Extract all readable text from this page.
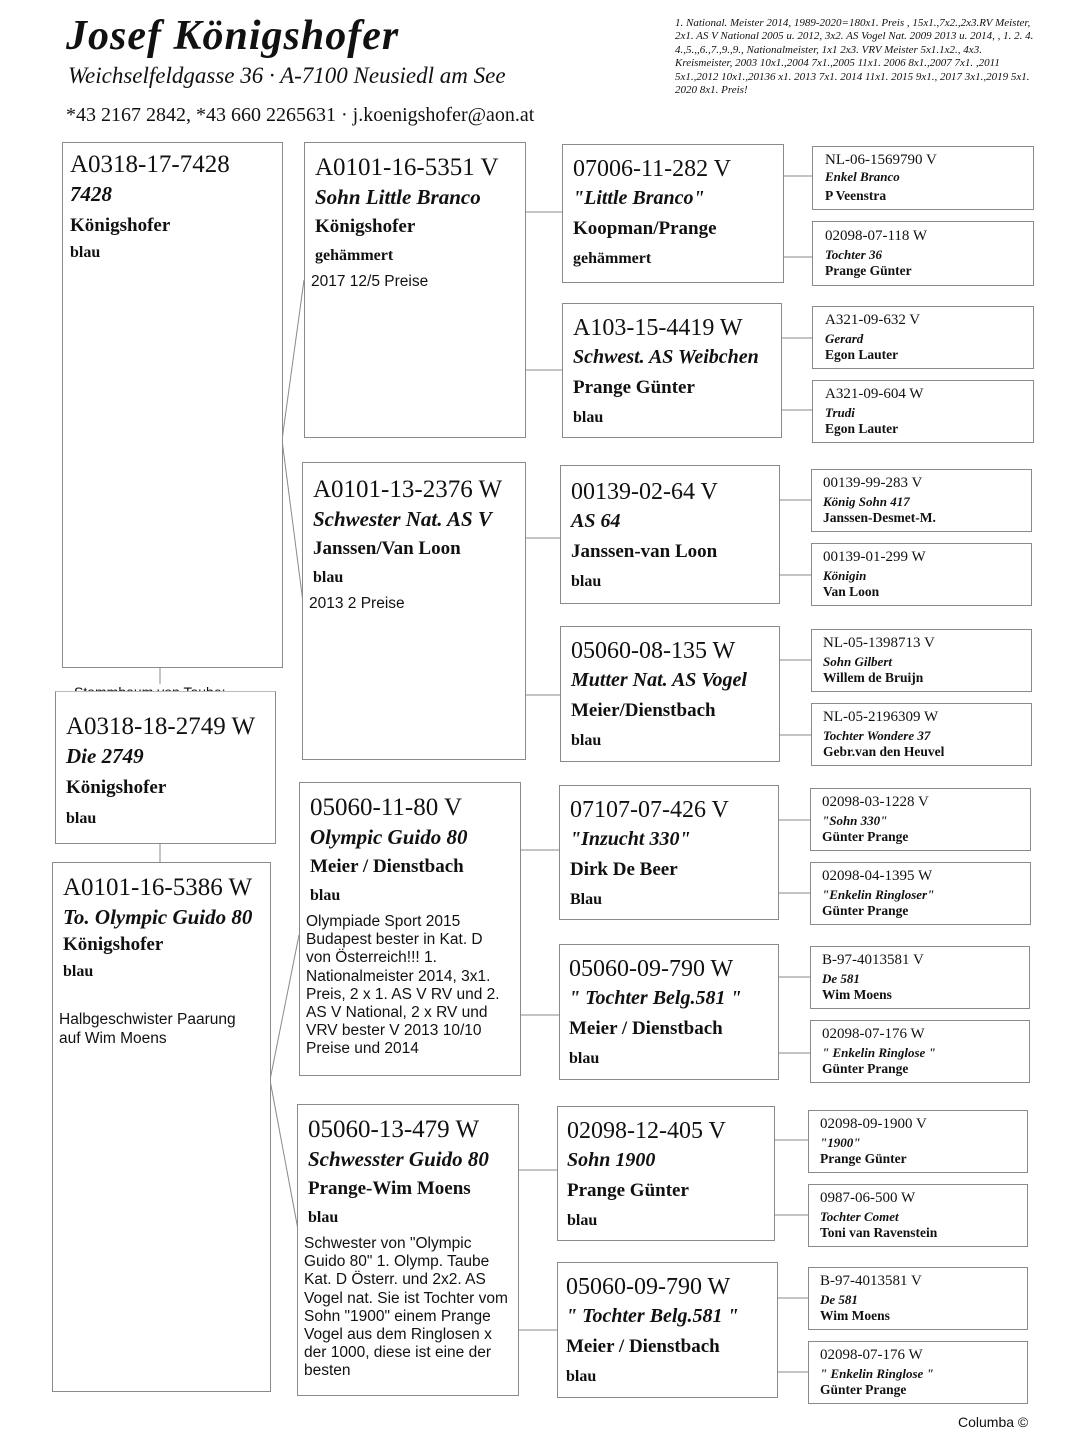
Josef Königshofer
Weichselfeldgasse 36 · A-7100 Neusiedl am See
*43 2167 2842, *43 660 2265631 · j.koenigshofer@aon.at
1. National. Meister 2014, 1989-2020=180x1. Preis , 15x1.,7x2.,2x3.RV Meister, 2x1. AS V National 2005 u. 2012, 3x2. AS Vogel Nat. 2009 2013 u. 2014, , 1. 2. 4. 4.,5.,,6.,7.,9.,9., Nationalmeister, 1x1 2x3. VRV Meister 5x1.1x2., 4x3. Kreismeister, 2003 10x1.,2004 7x1.,2005 11x1. 2006 8x1.,2007 7x1. ,2011 5x1.,2012 10x1.,20136 x1. 2013 7x1. 2014 11x1. 2015 9x1., 2017 3x1.,2019 5x1. 2020 8x1. Preis!
A0318-17-7428
7428
Königshofer
blau
A0318-18-2749 W
Die 2749
Königshofer
blau
A0101-16-5386 W
To. Olympic Guido 80
Königshofer
blau
Halbgeschwister Paarung auf Wim Moens
A0101-16-5351 V
Sohn Little Branco
Königshofer
gehämmert
2017 12/5 Preise
A0101-13-2376 W
Schwester Nat. AS V
Janssen/Van Loon
blau
2013 2 Preise
05060-11-80 V
Olympic Guido 80
Meier / Dienstbach
blau
Olympiade Sport 2015 Budapest bester in Kat. D von Österreich!!! 1. Nationalmeister 2014, 3x1. Preis, 2 x 1. AS V RV und 2. AS V National, 2 x RV und VRV bester V 2013 10/10 Preise und 2014
05060-13-479 W
Schwesster Guido 80
Prange-Wim Moens
blau
Schwester von "Olympic Guido 80" 1. Olymp. Taube Kat. D Österr. und 2x2. AS Vogel nat. Sie ist Tochter vom Sohn "1900" einem Prange Vogel aus dem Ringlosen x der 1000, diese ist eine der besten
07006-11-282 V
"Little Branco"
Koopman/Prange
gehämmert
A103-15-4419 W
Schwest. AS Weibchen
Prange Günter
blau
00139-02-64 V
AS 64
Janssen-van Loon
blau
05060-08-135 W
Mutter Nat. AS Vogel
Meier/Dienstbach
blau
07107-07-426 V
"Inzucht 330"
Dirk De Beer
Blau
05060-09-790 W
" Tochter Belg.581 "
Meier / Dienstbach
blau
02098-12-405 V
Sohn 1900
Prange Günter
blau
05060-09-790 W
" Tochter Belg.581 "
Meier / Dienstbach
blau
NL-06-1569790 V
Enkel Branco
P Veenstra
02098-07-118 W
Tochter 36
Prange Günter
A321-09-632 V
Gerard
Egon Lauter
A321-09-604 W
Trudi
Egon Lauter
00139-99-283 V
König Sohn 417
Janssen-Desmet-M.
00139-01-299 W
Königin
Van Loon
NL-05-1398713 V
Sohn Gilbert
Willem de Bruijn
NL-05-2196309 W
Tochter Wondere 37
Gebr.van den Heuvel
02098-03-1228 V
"Sohn 330"
Günter Prange
02098-04-1395 W
"Enkelin Ringloser"
Günter Prange
B-97-4013581 V
De 581
Wim Moens
02098-07-176 W
" Enkelin Ringlose "
Günter Prange
02098-09-1900 V
"1900"
Prange Günter
0987-06-500 W
Tochter Comet
Toni van Ravenstein
B-97-4013581 V
De 581
Wim Moens
02098-07-176 W
" Enkelin Ringlose "
Günter Prange
Columba ©
